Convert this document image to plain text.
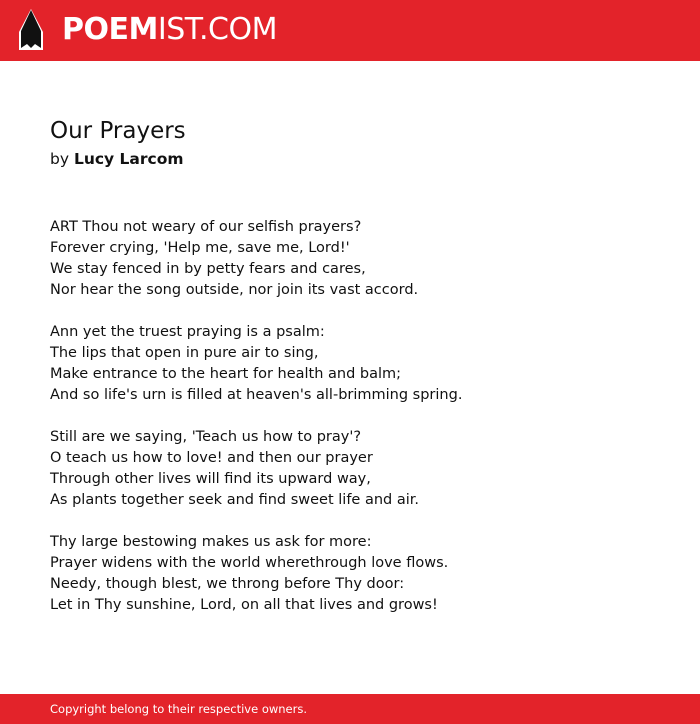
POEMIST.COM
Our Prayers
by Lucy Larcom
ART Thou not weary of our selfish prayers?
Forever crying, 'Help me, save me, Lord!'
We stay fenced in by petty fears and cares,
Nor hear the song outside, nor join its vast accord.
Ann yet the truest praying is a psalm:
The lips that open in pure air to sing,
Make entrance to the heart for health and balm;
And so life's urn is filled at heaven's all-brimming spring.
Still are we saying, 'Teach us how to pray'?
O teach us how to love! and then our prayer
Through other lives will find its upward way,
As plants together seek and find sweet life and air.
Thy large bestowing makes us ask for more:
Prayer widens with the world wherethrough love flows.
Needy, though blest, we throng before Thy door:
Let in Thy sunshine, Lord, on all that lives and grows!
Copyright belong to their respective owners.
